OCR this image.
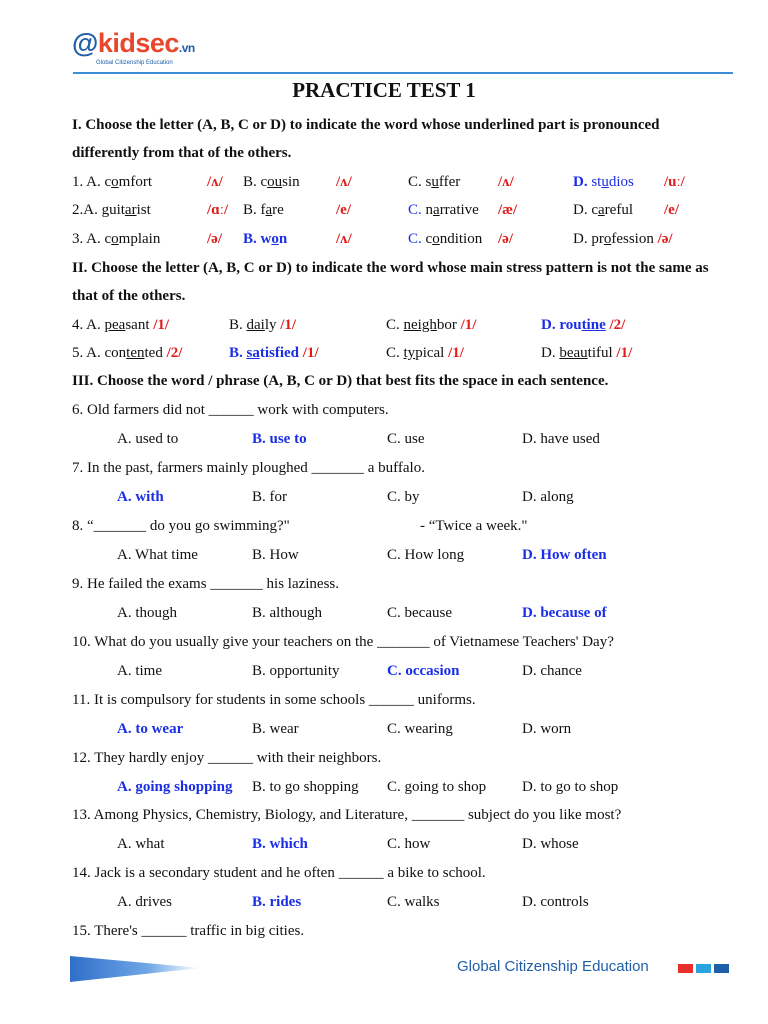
@kidsec.vn
Global Citizenship Education
PRACTICE TEST 1
I. Choose the letter (A, B, C or D) to indicate the word whose underlined part is pronounced
differently from that of the others.
1. A. comfort	/ʌ/ B. cousin /ʌ/	C. suffer	/ʌ/	D. studios /uː/
2.A. guitarist	/ɑː/ B. fare	/e/	C. narrative /æ/	D. careful /e/
3. A. complain	/ə/ B. won	/ʌ/	C. condition /ə/	D. profession /ə/
II. Choose the letter (A, B, C or D) to indicate the word whose main stress pattern is not the same as
that of the others.
4. A. peasant /1/	B. daily /1/	C. neighbor /1/	D. routine /2/
5. A. contented /2/	B. satisfied /1/	C. typical /1/	D. beautiful /1/
III. Choose the word / phrase (A, B, C or D) that best fits the space in each sentence.
6. Old farmers did not ______ work with computers.
A. used to	B. use to	C. use	D. have used
7. In the past, farmers mainly ploughed _______ a buffalo.
A. with	B. for	C. by	D. along
8. “_______ do you go swimming?"	- “Twice a week."
A. What time	B. How	C. How long	D. How often
9. He failed the exams _______ his laziness.
A. though	B. although	C. because	D. because of
10. What do you usually give your teachers on the _______ of Vietnamese Teachers' Day?
A. time	B. opportunity	C. occasion	D. chance
11. It is compulsory for students in some schools ______ uniforms.
A. to wear	B. wear	C. wearing	D. worn
12. They hardly enjoy ______ with their neighbors.
A. going shopping B. to go shopping C. going to shop D. to go to shop
13. Among Physics, Chemistry, Biology, and Literature, _______ subject do you like most?
A. what	B. which	C. how	D. whose
14. Jack is a secondary student and he often ______ a bike to school.
A. drives	B. rides	C. walks	D. controls
15. There's ______ traffic in big cities.
Global Citizenship Education
